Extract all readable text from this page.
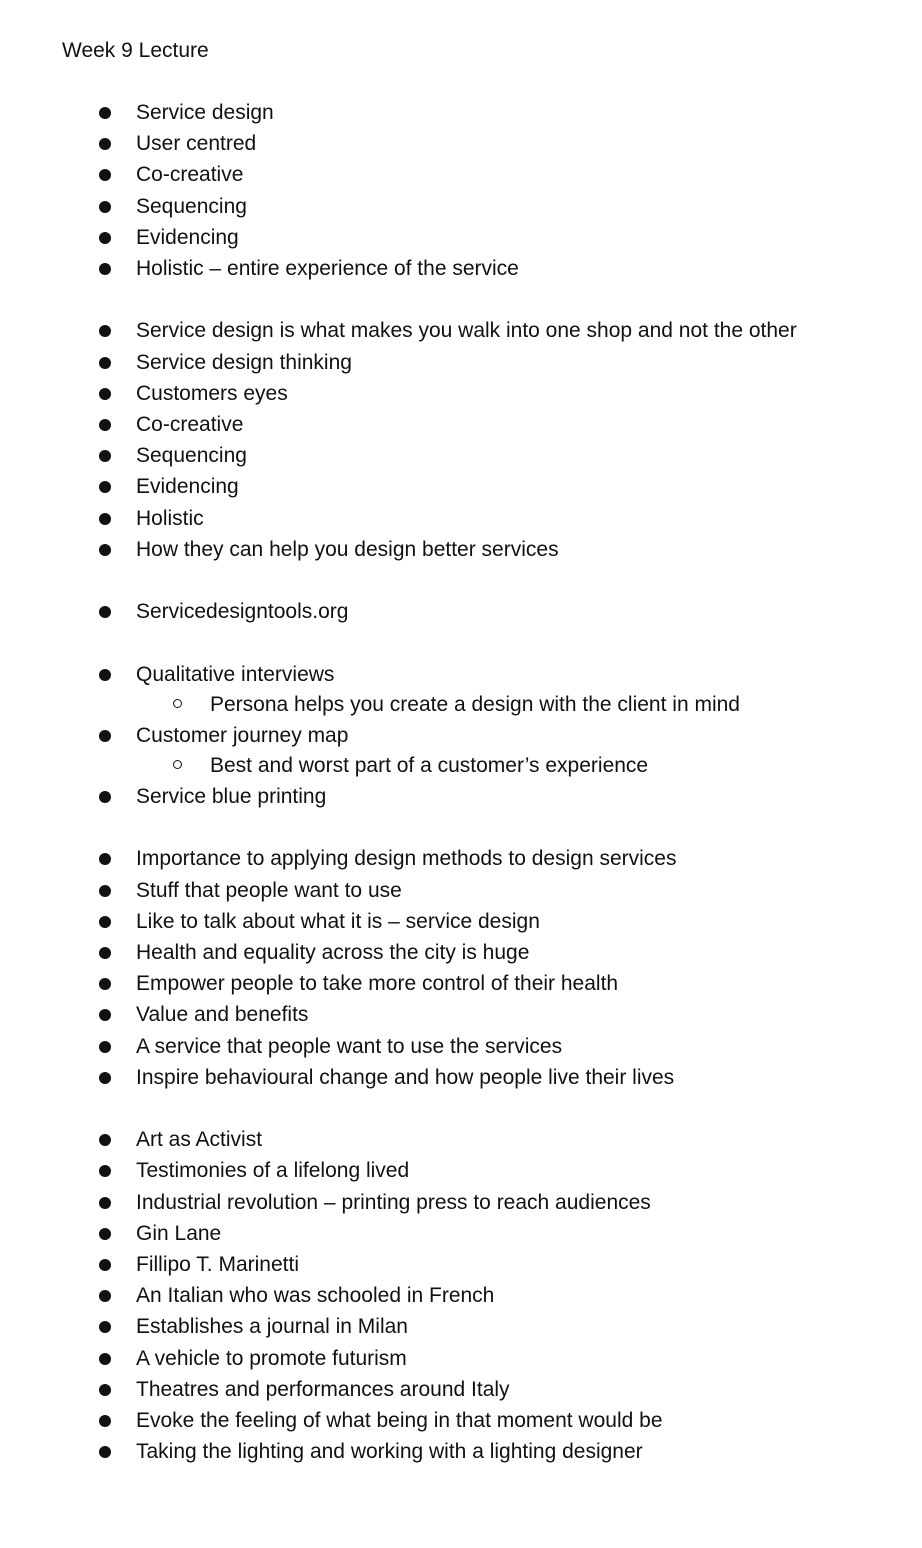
Week 9 Lecture
Service design
User centred
Co-creative
Sequencing
Evidencing
Holistic – entire experience of the service
Service design is what makes you walk into one shop and not the other
Service design thinking
Customers eyes
Co-creative
Sequencing
Evidencing
Holistic
How they can help you design better services
Servicedesigntools.org
Qualitative interviews
Persona helps you create a design with the client in mind
Customer journey map
Best and worst part of a customer’s experience
Service blue printing
Importance to applying design methods to design services
Stuff that people want to use
Like to talk about what it is – service design
Health and equality across the city is huge
Empower people to take more control of their health
Value and benefits
A service that people want to use the services
Inspire behavioural change and how people live their lives
Art as Activist
Testimonies of a lifelong lived
Industrial revolution – printing press to reach audiences
Gin Lane
Fillipo T. Marinetti
An Italian who was schooled in French
Establishes a journal in Milan
A vehicle to promote futurism
Theatres and performances around Italy
Evoke the feeling of what being in that moment would be
Taking the lighting and working with a lighting designer
